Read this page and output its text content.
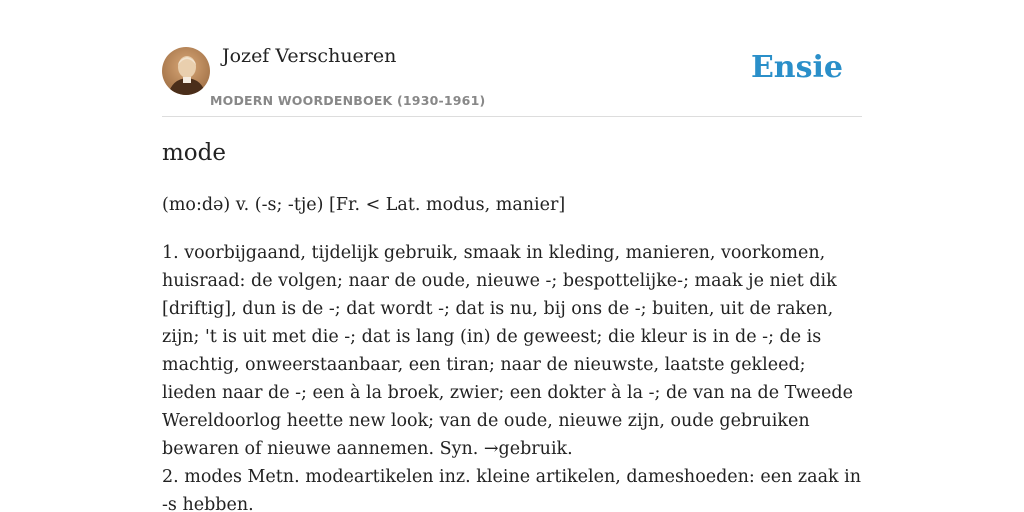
Jozef Verschueren
MODERN WOORDENBOEK (1930-1961)
Ensie
mode
(mo:də) v. (-s; -tje) [Fr. < Lat. modus, manier]

1. voorbijgaand, tijdelijk gebruik, smaak in kleding, manieren, voorkomen, huisraad: de volgen; naar de oude, nieuwe -; bespottelijke-; maak je niet dik [driftig], dun is de -; dat wordt -; dat is nu, bij ons de -; buiten, uit de raken, zijn; 't is uit met die -; dat is lang (in) de geweest; die kleur is in de -; de is machtig, onweerstaanbaar, een tiran; naar de nieuwste, laatste gekleed; lieden naar de -; een à la broek, zwier; een dokter à la -; de van na de Tweede Wereldoorlog heette new look; van de oude, nieuwe zijn, oude gebruiken bewaren of nieuwe aannemen. Syn. →gebruik.

2. modes Metn. modeartikelen inz. kleine artikelen, dameshoeden: een zaak in -s hebben.
